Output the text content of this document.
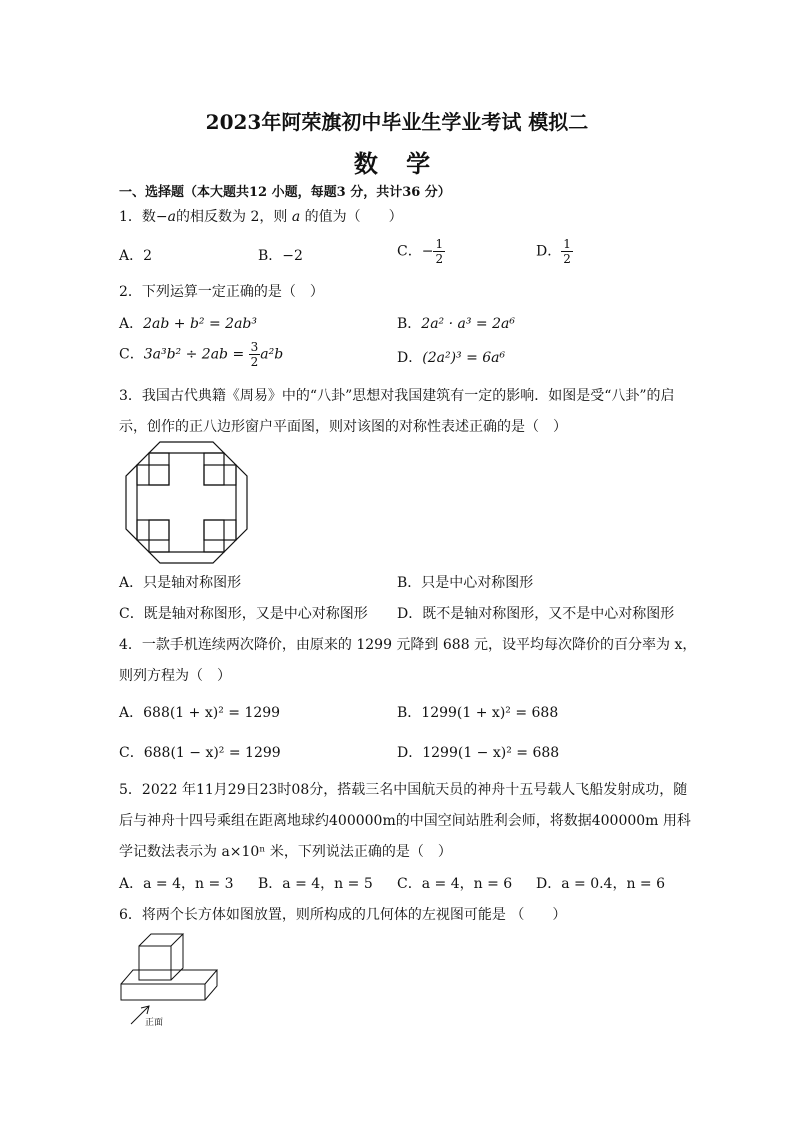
2023年阿荣旗初中毕业生学业考试 模拟二
数 学
一、选择题（本大题共12 小题，每题3 分，共计36 分）
1．数−a的相反数为 2，则 a 的值为（　　）
A．2	B．−2	C．− $\frac{1}{2}$	D． $\frac{1}{2}$
2．下列运算一定正确的是（　）
A．2ab + b² = 2ab³	B．2a² · a³ = 2a⁶
C．$3a^3b^2 \div 2ab = \frac{3}{2} a^2b$	D．(2a²)³ = 6a⁶
3．我国古代典籍《周易》中的“八卦”思想对我国建筑有一定的影响．如图是受“八卦”的启
示，创作的正八边形窗户平面图，则对该图的对称性表述正确的是（　）
A．只是轴对称图形	B．只是中心对称图形
C．既是轴对称图形，又是中心对称图形 D．既不是轴对称图形，又不是中心对称图形
4．一款手机连续两次降价，由原来的 1299 元降到 688 元，设平均每次降价的百分率为 x，
则列方程为（　）
A．688(1 + x)² = 1299	B．1299(1 + x)² = 688
C．688(1 − x)² = 1299	D．1299(1 − x)² = 688
5．2022 年11月29日23时08分，搭载三名中国航天员的神舟十五号载人飞船发射成功，随
后与神舟十四号乘组在距离地球约400000m的中国空间站胜利会师，将数据400000m 用科
学记数法表示为 a×10ⁿ 米，下列说法正确的是（　）
A．a = 4，n = 3 B．a = 4，n = 5 C．a = 4，n = 6 D．a = 0.4，n = 6
6．将两个长方体如图放置，则所构成的几何体的左视图可能是 （　　）
正面
